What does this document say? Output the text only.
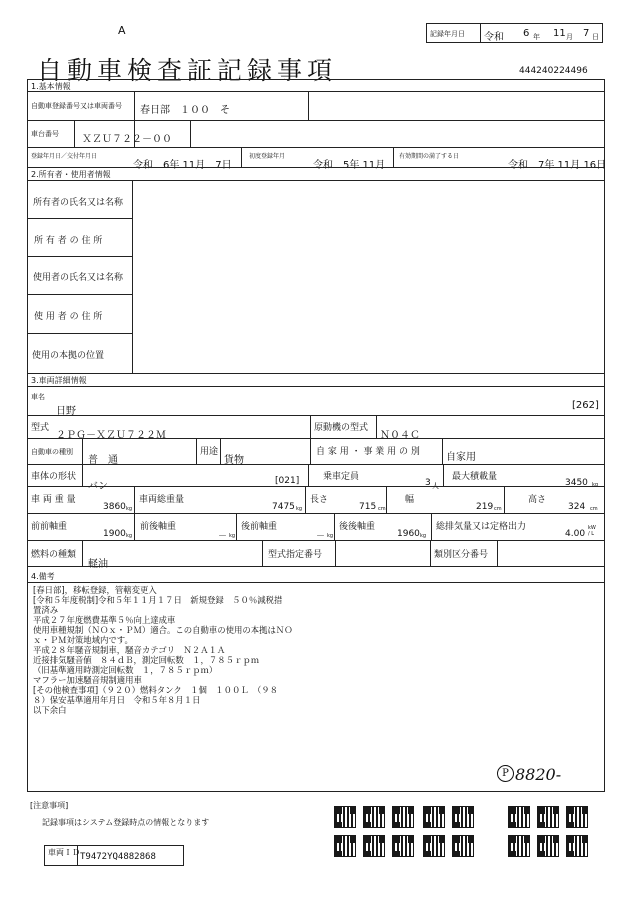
A
自動車検査証記録事項
記録年月日 令和 6 年 11 月 7 日
444240224496
1.基本情報
自動車登録番号又は車両番号 春日部　１００　そ
車台番号 ＸＺＵ７２２－００
登録年月日／交付年月日
令和　6年 11月　7日
初度登録年月
令和　5年 11月
有効期間の満了する日
令和　7年 11月 16日
2.所有者・使用者情報
所有者の氏名又は名称
所 有 者 の 住 所
使用者の氏名又は名称
使 用 者 の 住 所
使用の本拠の位置
3.車両詳細情報
車名
日野
[262]
型式
２ＰＧ－ＸＺＵ７２２Ｍ
原動機の型式
Ｎ０４Ｃ
自動車の種別
普　通
用途
貨物
自 家 用 ・ 事 業 用 の 別	自家用
車体の形状
バン	[021]	乗車定員
3 人
最大積載量
3450 kg
車 両 重 量
3860 kg
車両総重量
7475 kg
長さ
715 cm
幅
219 cm
高さ
324 cm
前前軸重
1900 kg
前後軸重
－ kg
後前軸重
－ kg
後後軸重
1960 kg
総排気量又は定格出力
4.00
kW / L
燃料の種類
軽油
型式指定番号	類別区分番号
4.備考
[春日部]，移転登録，管轄変更入
[令和５年度税制]令和５年１１月１７日　新規登録　５０％減税措
置済み
平成２７年度燃費基準５％向上達成車
使用車種規制（ＮＯｘ・ＰＭ）適合。この自動車の使用の本拠はＮＯ
ｘ・ＰＭ対策地域内です。
平成２８年騒音規制車，騒音カテゴリ　Ｎ２Ａ１Ａ
近接排気騒音値　８４ｄＢ，測定回転数　１，７８５ｒｐｍ
（旧基準適用時測定回転数　１，７８５ｒｐｍ）
マフラー加速騒音規制適用車
[その他検査事項]（９２０）燃料タンク　１個　１００Ｌ　（９８
８）保安基準適用年月日　令和５年８月１日
以下余白
P 8820-
[注意事項]
記録事項はシステム登録時点の情報となります
車両ＩＤ T9472YQ4882868
